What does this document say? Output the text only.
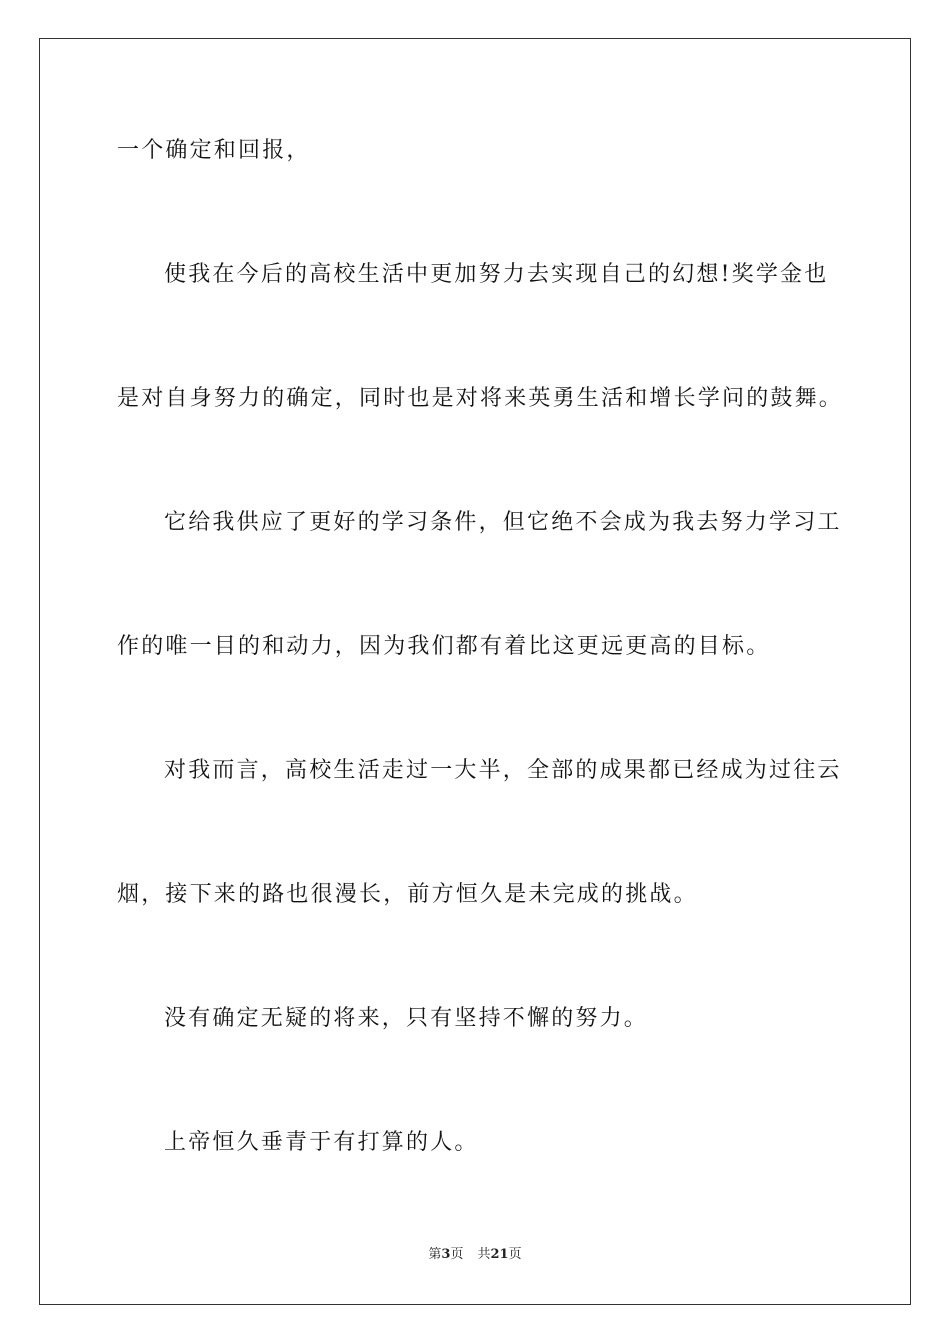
一个确定和回报，
使我在今后的高校生活中更加努力去实现自己的幻想!奖学金也
是对自身努力的确定，同时也是对将来英勇生活和增长学问的鼓舞。
它给我供应了更好的学习条件，但它绝不会成为我去努力学习工
作的唯一目的和动力，因为我们都有着比这更远更高的目标。
对我而言，高校生活走过一大半，全部的成果都已经成为过往云
烟，接下来的路也很漫长，前方恒久是未完成的挑战。
没有确定无疑的将来，只有坚持不懈的努力。
上帝恒久垂青于有打算的人。
第3页 共21页
